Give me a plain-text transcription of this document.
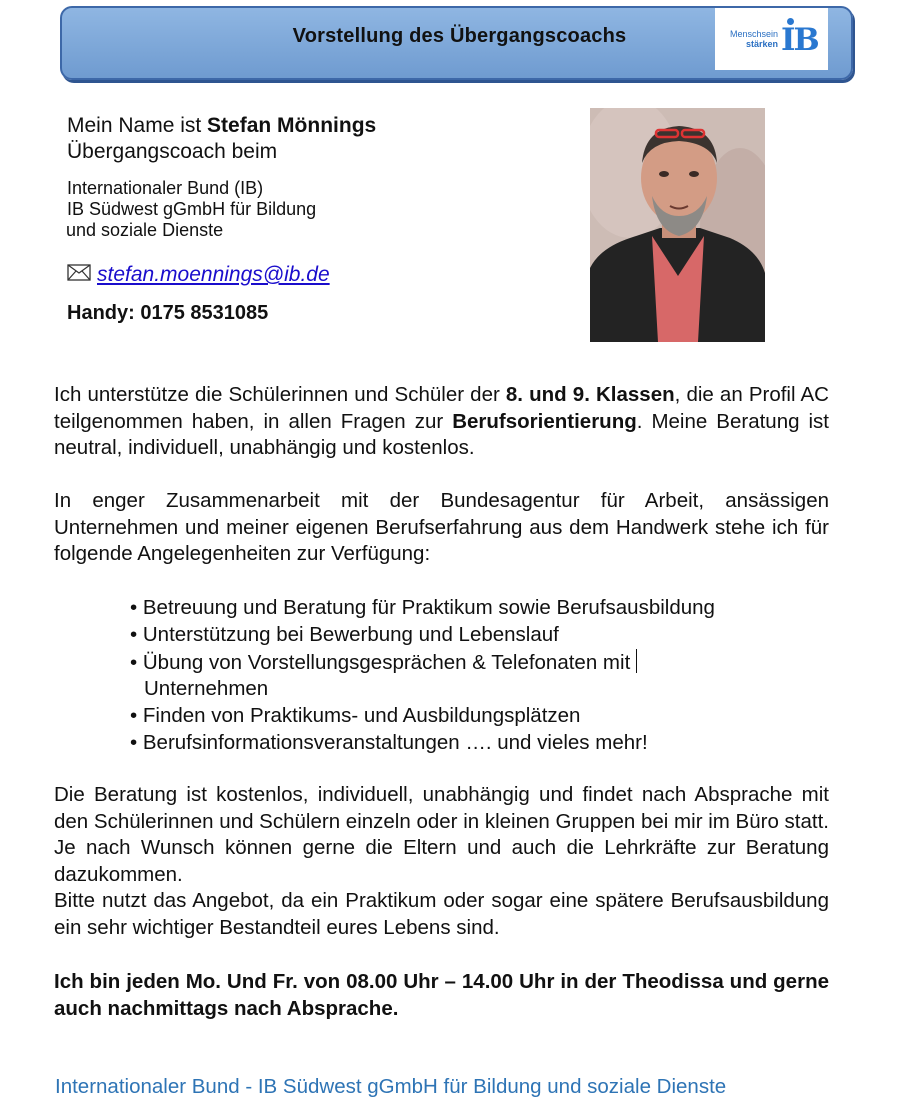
Vorstellung des Übergangscoachs	Menschsein
stärken IB
Mein Name ist Stefan Mönnings
Übergangscoach beim
Internationaler Bund (IB)
IB Südwest gGmbH für Bildung
und soziale Dienste
stefan.moennings@ib.de
Handy: 0175 8531085
Ich unterstütze die Schülerinnen und Schüler der 8. und 9. Klassen, die an Profil AC teilgenommen haben, in allen Fragen zur Berufsorientierung. Meine Beratung ist neutral, individuell, unabhängig und kostenlos.
In enger Zusammenarbeit mit der Bundesagentur für Arbeit, ansässigen Unternehmen und meiner eigenen Berufserfahrung aus dem Handwerk stehe ich für folgende Angelegenheiten zur Verfügung:
• Betreuung und Beratung für Praktikum sowie Berufsausbildung
• Unterstützung bei Bewerbung und Lebenslauf
• Übung von Vorstellungsgesprächen & Telefonaten mit
Unternehmen
• Finden von Praktikums- und Ausbildungsplätzen
• Berufsinformationsveranstaltungen …. und vieles mehr!
Die Beratung ist kostenlos, individuell, unabhängig und findet nach Absprache mit den Schülerinnen und Schülern einzeln oder in kleinen Gruppen bei mir im Büro statt. Je nach Wunsch können gerne die Eltern und auch die Lehrkräfte zur Beratung dazukommen.
Bitte nutzt das Angebot, da ein Praktikum oder sogar eine spätere Berufsausbildung ein sehr wichtiger Bestandteil eures Lebens sind.
Ich bin jeden Mo. Und Fr. von 08.00 Uhr – 14.00 Uhr in der Theodissa und gerne auch nachmittags nach Absprache.
Internationaler Bund - IB Südwest gGmbH für Bildung und soziale Dienste
